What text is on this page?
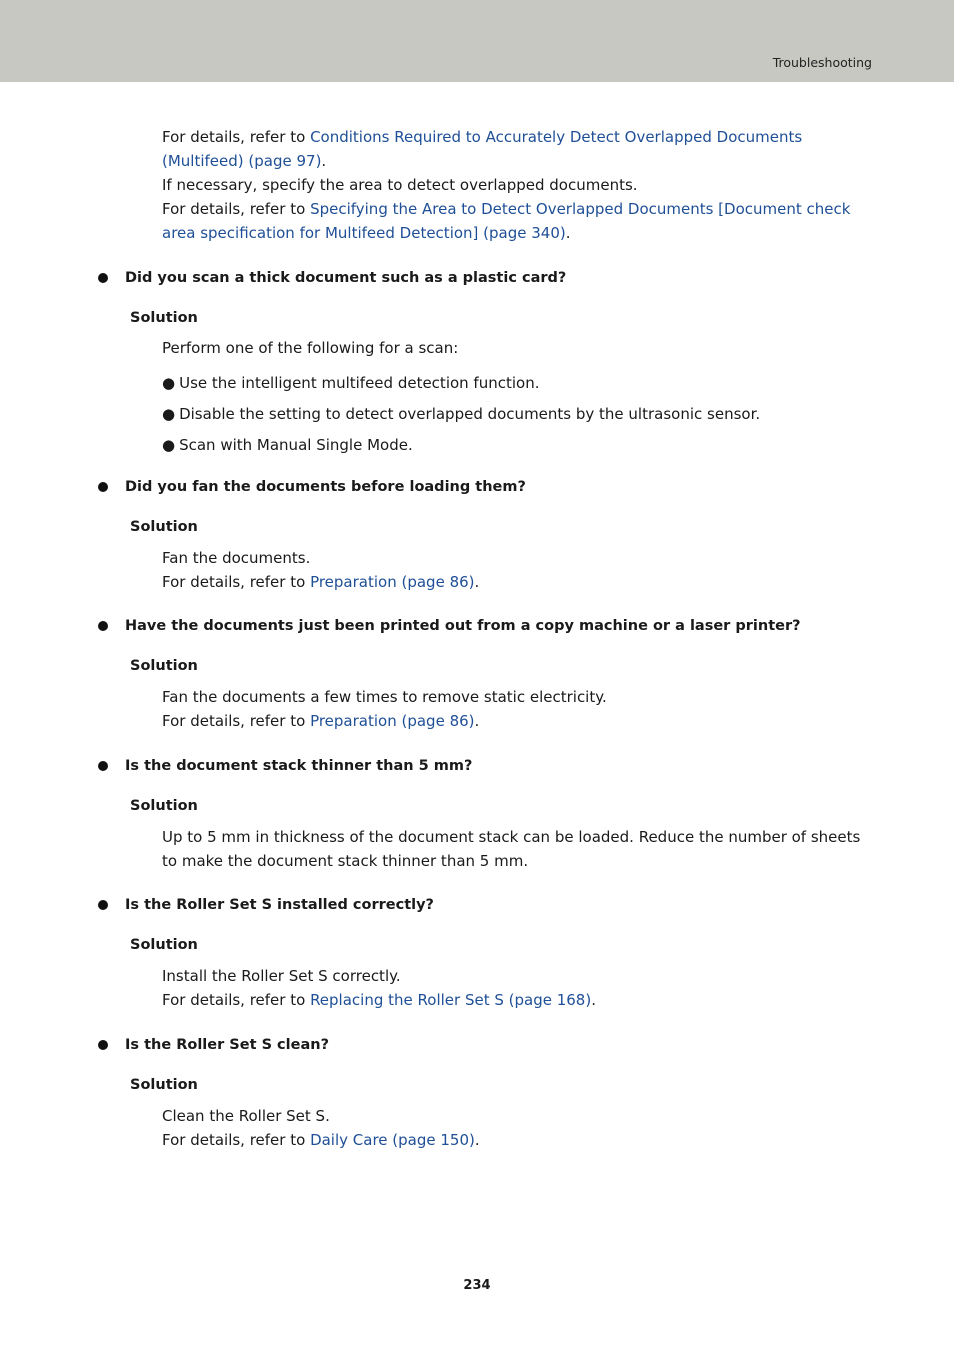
Troubleshooting

For details, refer to Conditions Required to Accurately Detect Overlapped Documents (Multifeed) (page 97).

If necessary, specify the area to detect overlapped documents.

For details, refer to Specifying the Area to Detect Overlapped Documents [Document check area specification for Multifeed Detection] (page 340).

Did you scan a thick document such as a plastic card?
Solution

Perform one of the following for a scan:

● Use the intelligent multifeed detection function.
● Disable the setting to detect overlapped documents by the ultrasonic sensor.
● Scan with Manual Single Mode.
Did you fan the documents before loading them?
Solution

Fan the documents.

For details, refer to Preparation (page 86).

Have the documents just been printed out from a copy machine or a laser printer?
Solution

Fan the documents a few times to remove static electricity.

For details, refer to Preparation (page 86).

Is the document stack thinner than 5 mm?
Solution

Up to 5 mm in thickness of the document stack can be loaded. Reduce the number of sheets to make the document stack thinner than 5 mm.

Is the Roller Set S installed correctly?
Solution

Install the Roller Set S correctly.

For details, refer to Replacing the Roller Set S (page 168).

Is the Roller Set S clean?
Solution

Clean the Roller Set S.

For details, refer to Daily Care (page 150).

234
